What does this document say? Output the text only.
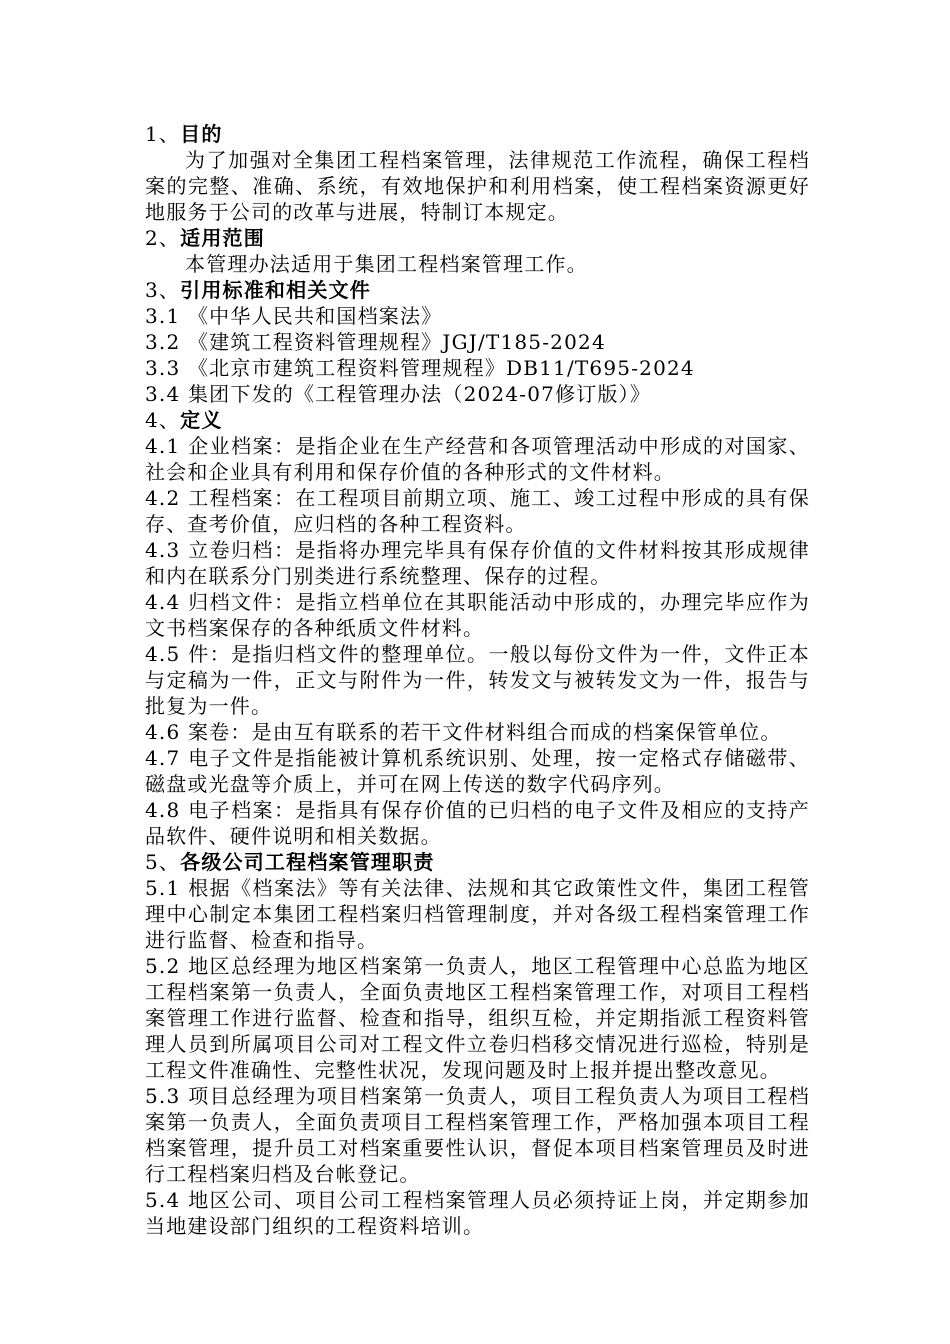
1、目的

为了加强对全集团工程档案管理，法律规范工作流程，确保工程档案的完整、准确、系统，有效地保护和利用档案，使工程档案资源更好地服务于公司的改革与进展，特制订本规定。

2、适用范围

本管理办法适用于集团工程档案管理工作。

3、引用标准和相关文件

3.1 《中华人民共和国档案法》

3.2 《建筑工程资料管理规程》JGJ/T185-2024

3.3 《北京市建筑工程资料管理规程》DB11/T695-2024

3.4 集团下发的《工程管理办法（2024-07修订版）》

4、定义

4.1 企业档案：是指企业在生产经营和各项管理活动中形成的对国家、社会和企业具有利用和保存价值的各种形式的文件材料。

4.2 工程档案：在工程项目前期立项、施工、竣工过程中形成的具有保存、查考价值，应归档的各种工程资料。

4.3 立卷归档：是指将办理完毕具有保存价值的文件材料按其形成规律和内在联系分门别类进行系统整理、保存的过程。

4.4 归档文件：是指立档单位在其职能活动中形成的，办理完毕应作为文书档案保存的各种纸质文件材料。

4.5 件：是指归档文件的整理单位。一般以每份文件为一件，文件正本与定稿为一件，正文与附件为一件，转发文与被转发文为一件，报告与批复为一件。

4.6 案卷：是由互有联系的若干文件材料组合而成的档案保管单位。

4.7 电子文件是指能被计算机系统识别、处理，按一定格式存储磁带、磁盘或光盘等介质上，并可在网上传送的数字代码序列。

4.8 电子档案：是指具有保存价值的已归档的电子文件及相应的支持产品软件、硬件说明和相关数据。

5、各级公司工程档案管理职责

5.1 根据《档案法》等有关法律、法规和其它政策性文件，集团工程管理中心制定本集团工程档案归档管理制度，并对各级工程档案管理工作进行监督、检查和指导。

5.2 地区总经理为地区档案第一负责人，地区工程管理中心总监为地区工程档案第一负责人，全面负责地区工程档案管理工作，对项目工程档案管理工作进行监督、检查和指导，组织互检，并定期指派工程资料管理人员到所属项目公司对工程文件立卷归档移交情况进行巡检，特别是工程文件准确性、完整性状况，发现问题及时上报并提出整改意见。

5.3 项目总经理为项目档案第一负责人，项目工程负责人为项目工程档案第一负责人，全面负责项目工程档案管理工作，严格加强本项目工程档案管理，提升员工对档案重要性认识，督促本项目档案管理员及时进行工程档案归档及台帐登记。

5.4 地区公司、项目公司工程档案管理人员必须持证上岗，并定期参加当地建设部门组织的工程资料培训。
